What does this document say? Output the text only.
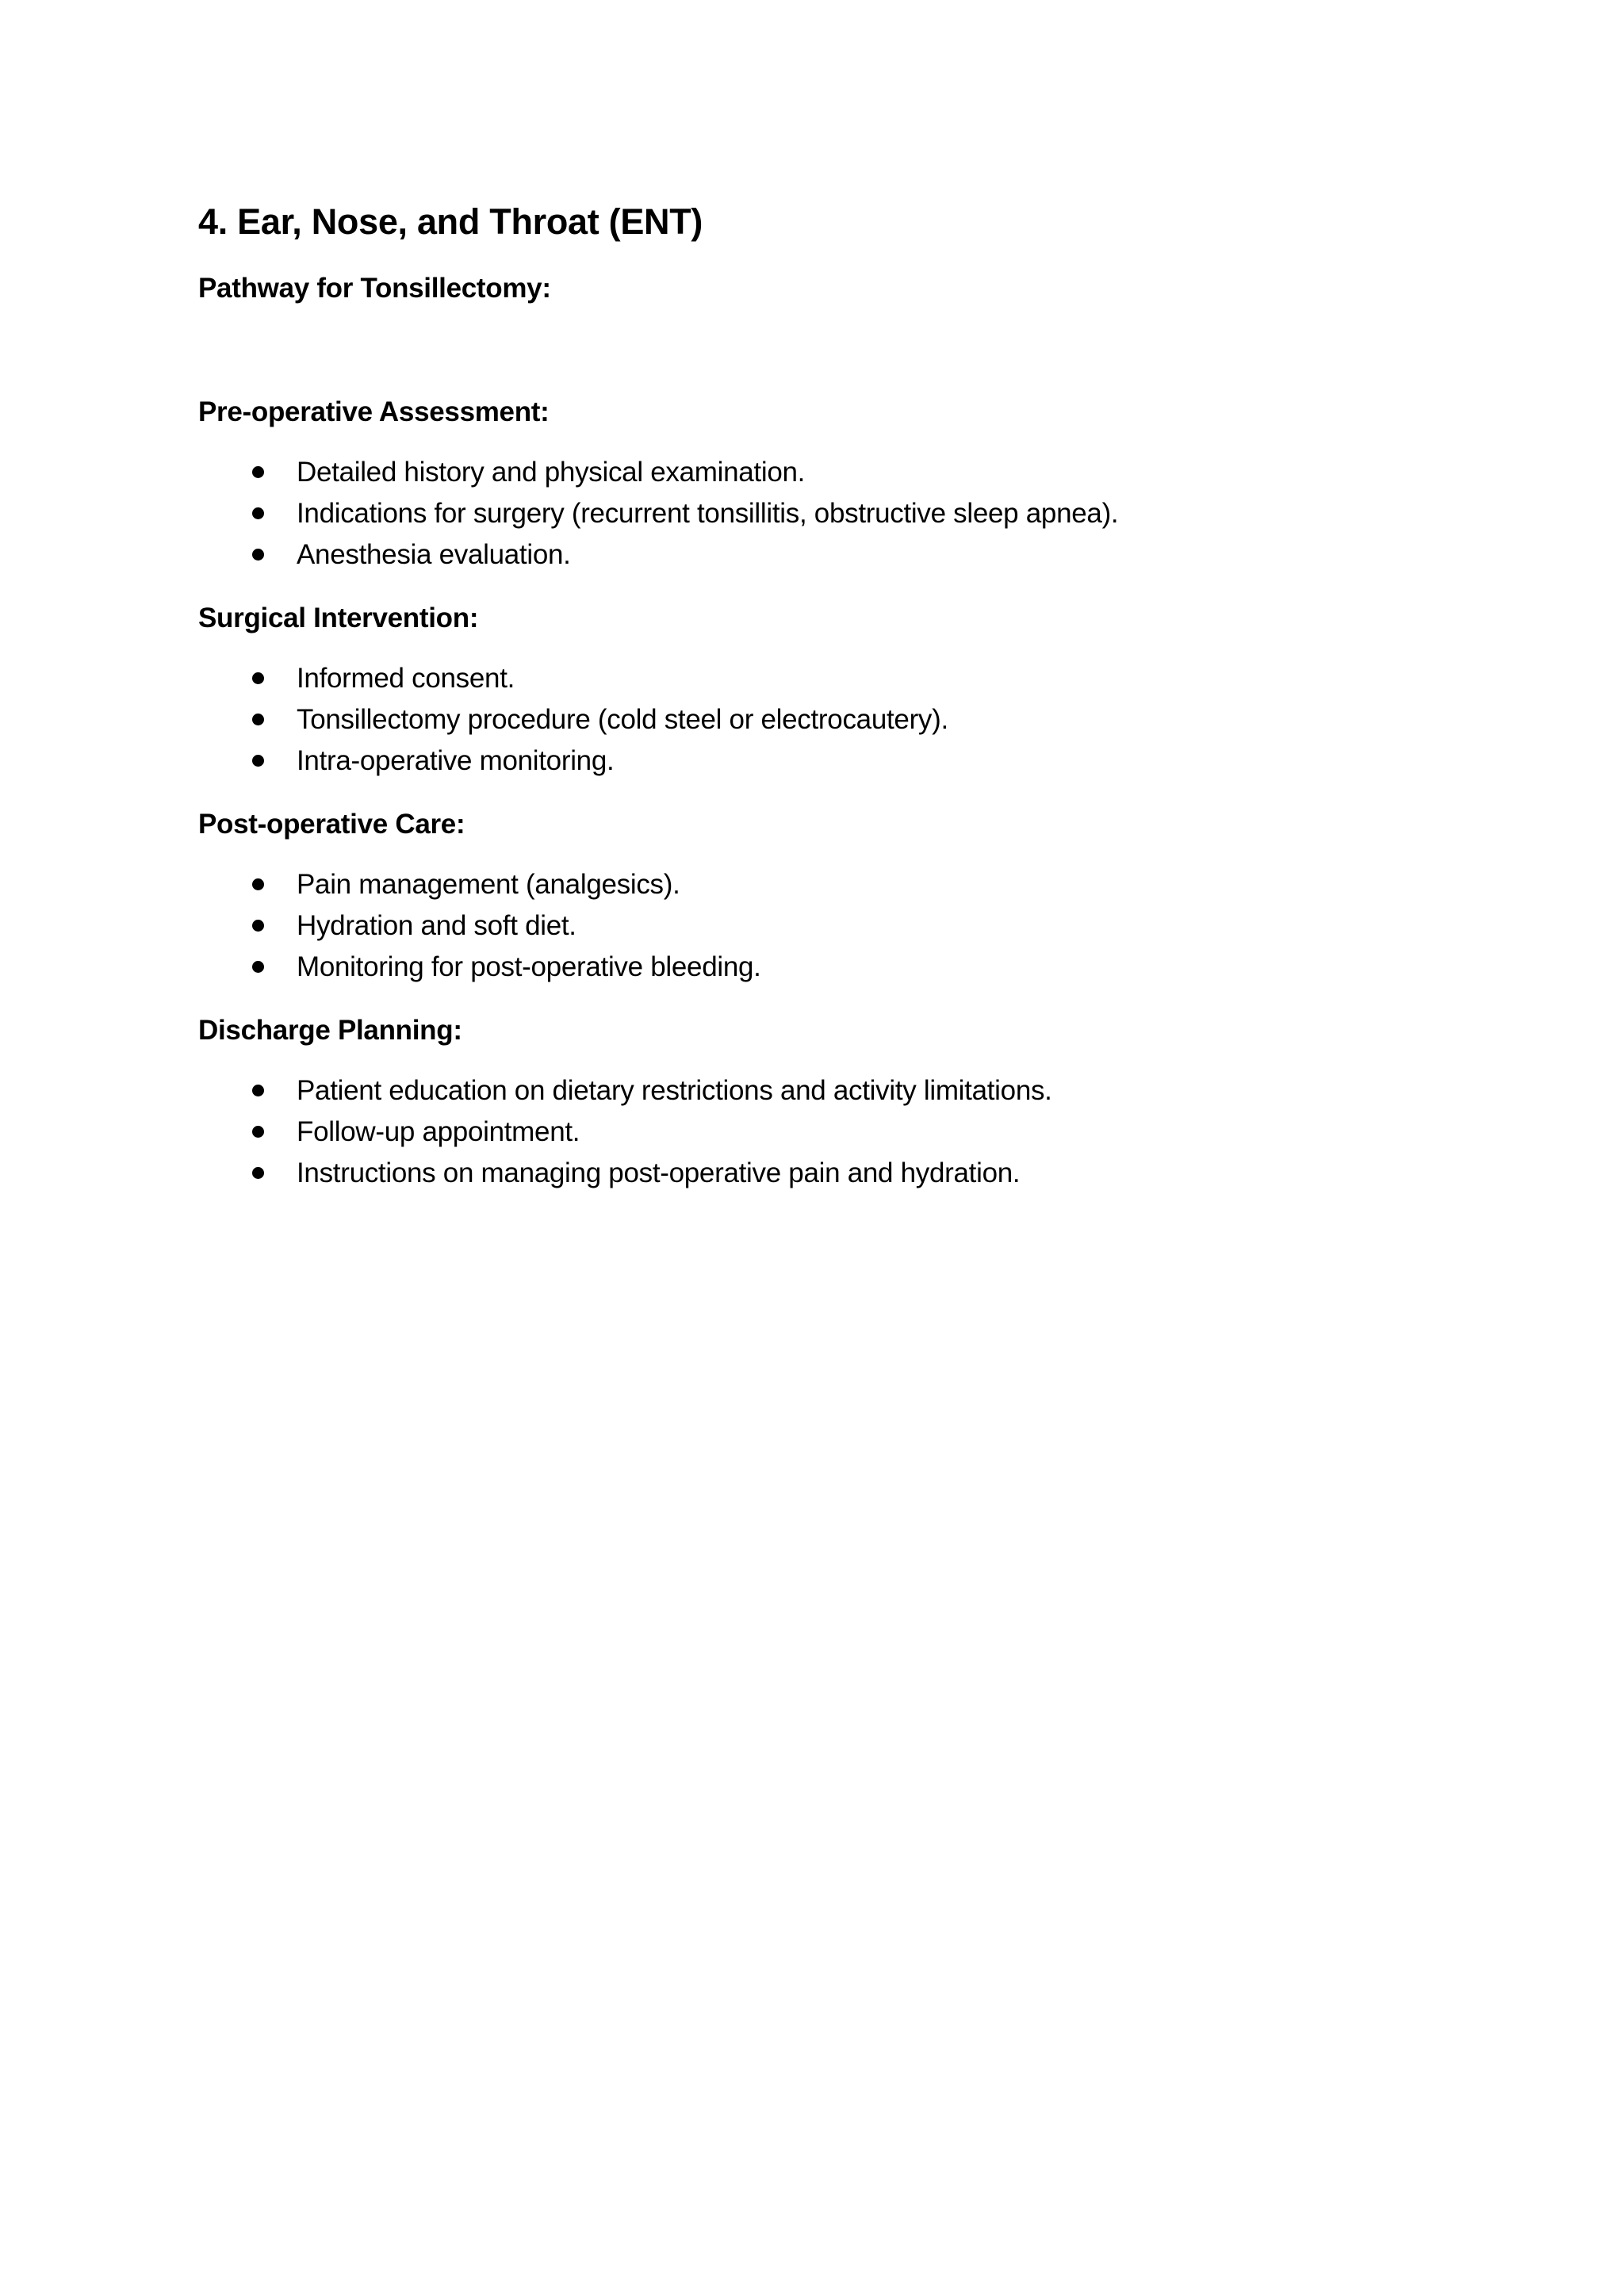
4. Ear, Nose, and Throat (ENT)
Pathway for Tonsillectomy:
Pre-operative Assessment:
Detailed history and physical examination.
Indications for surgery (recurrent tonsillitis, obstructive sleep apnea).
Anesthesia evaluation.
Surgical Intervention:
Informed consent.
Tonsillectomy procedure (cold steel or electrocautery).
Intra-operative monitoring.
Post-operative Care:
Pain management (analgesics).
Hydration and soft diet.
Monitoring for post-operative bleeding.
Discharge Planning:
Patient education on dietary restrictions and activity limitations.
Follow-up appointment.
Instructions on managing post-operative pain and hydration.
